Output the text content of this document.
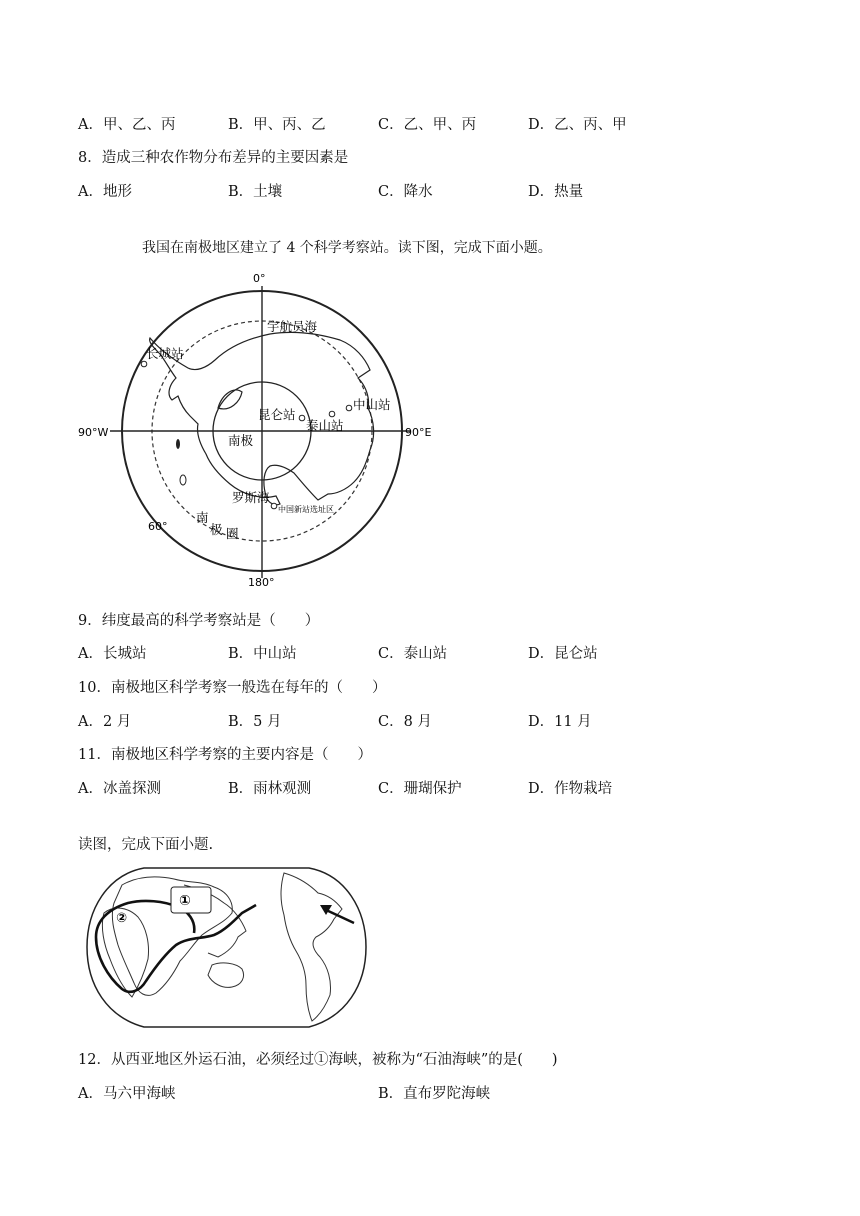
A．甲、乙、丙	B．甲、丙、乙	C．乙、甲、丙	D．乙、丙、甲
8．造成三种农作物分布差异的主要因素是
A．地形	B．土壤	C．降水	D．热量
我国在南极地区建立了 4 个科学考察站。读下图，完成下面小题。
0°
180°
90°W	90°E
60°
宇航员海
长城站
中山站
昆仑站
泰山站
南极
罗斯海
中国新站选址区
南
极 圈
9．纬度最高的科学考察站是（　　）
A．长城站	B．中山站	C．泰山站	D．昆仑站
10．南极地区科学考察一般选在每年的（　　）
A．2 月	B．5 月	C．8 月	D．11 月
11．南极地区科学考察的主要内容是（　　）
A．冰盖探测	B．雨林观测	C．珊瑚保护	D．作物栽培
读图，完成下面小题.
①
②
12．从西亚地区外运石油，必须经过①海峡，被称为“石油海峡”的是(　　)
A．马六甲海峡	B．直布罗陀海峡
